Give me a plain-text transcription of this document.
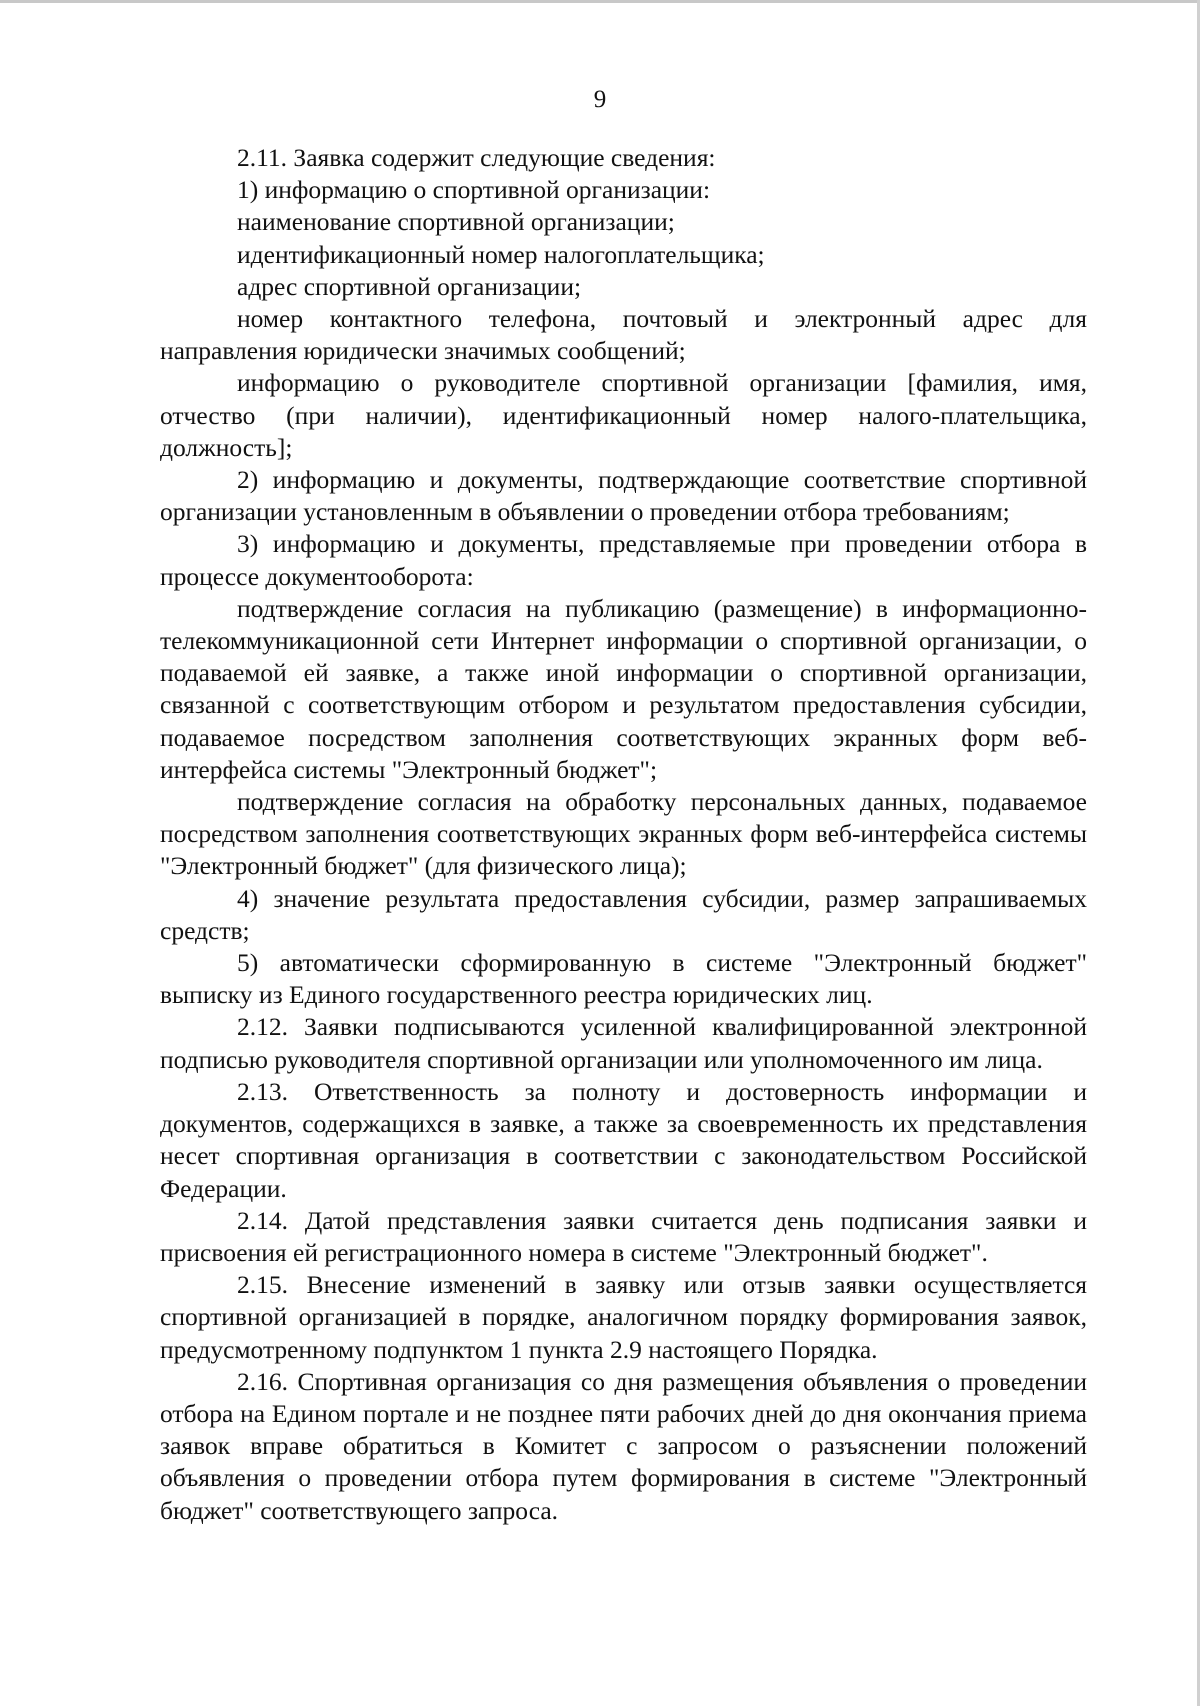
9

2.11. Заявка содержит следующие сведения:

1) информацию о спортивной организации:

наименование спортивной организации;

идентификационный номер налогоплательщика;

адрес спортивной организации;

номер контактного телефона, почтовый и электронный адрес для направления юридически значимых сообщений;

информацию о руководителе спортивной организации [фамилия, имя, отчество (при наличии), идентификационный номер налого-плательщика, должность];

2) информацию и документы, подтверждающие соответствие спортивной организации установленным в объявлении о проведении отбора требованиям;

3) информацию и документы, представляемые при проведении отбора в процессе документооборота:

подтверждение согласия на публикацию (размещение) в информационно-телекоммуникационной сети Интернет информации о спортивной организации, о подаваемой ей заявке, а также иной информации о спортивной организации, связанной с соответствующим отбором и результатом предоставления субсидии, подаваемое посредством заполнения соответствующих экранных форм веб-интерфейса системы "Электронный бюджет";

подтверждение согласия на обработку персональных данных, подаваемое посредством заполнения соответствующих экранных форм веб-интерфейса системы "Электронный бюджет" (для физического лица);

4) значение результата предоставления субсидии, размер запрашиваемых средств;

5) автоматически сформированную в системе "Электронный бюджет" выписку из Единого государственного реестра юридических лиц.

2.12. Заявки подписываются усиленной квалифицированной электронной подписью руководителя спортивной организации или уполномоченного им лица.

2.13. Ответственность за полноту и достоверность информации и документов, содержащихся в заявке, а также за своевременность их представления несет спортивная организация в соответствии с законодательством Российской Федерации.

2.14. Датой представления заявки считается день подписания заявки и присвоения ей регистрационного номера в системе "Электронный бюджет".

2.15. Внесение изменений в заявку или отзыв заявки осуществляется спортивной организацией в порядке, аналогичном порядку формирования заявок, предусмотренному подпунктом 1 пункта 2.9 настоящего Порядка.

2.16. Спортивная организация со дня размещения объявления о проведении отбора на Едином портале и не позднее пяти рабочих дней до дня окончания приема заявок вправе обратиться в Комитет с запросом о разъяснении положений объявления о проведении отбора путем формирования в системе "Электронный бюджет" соответствующего запроса.
